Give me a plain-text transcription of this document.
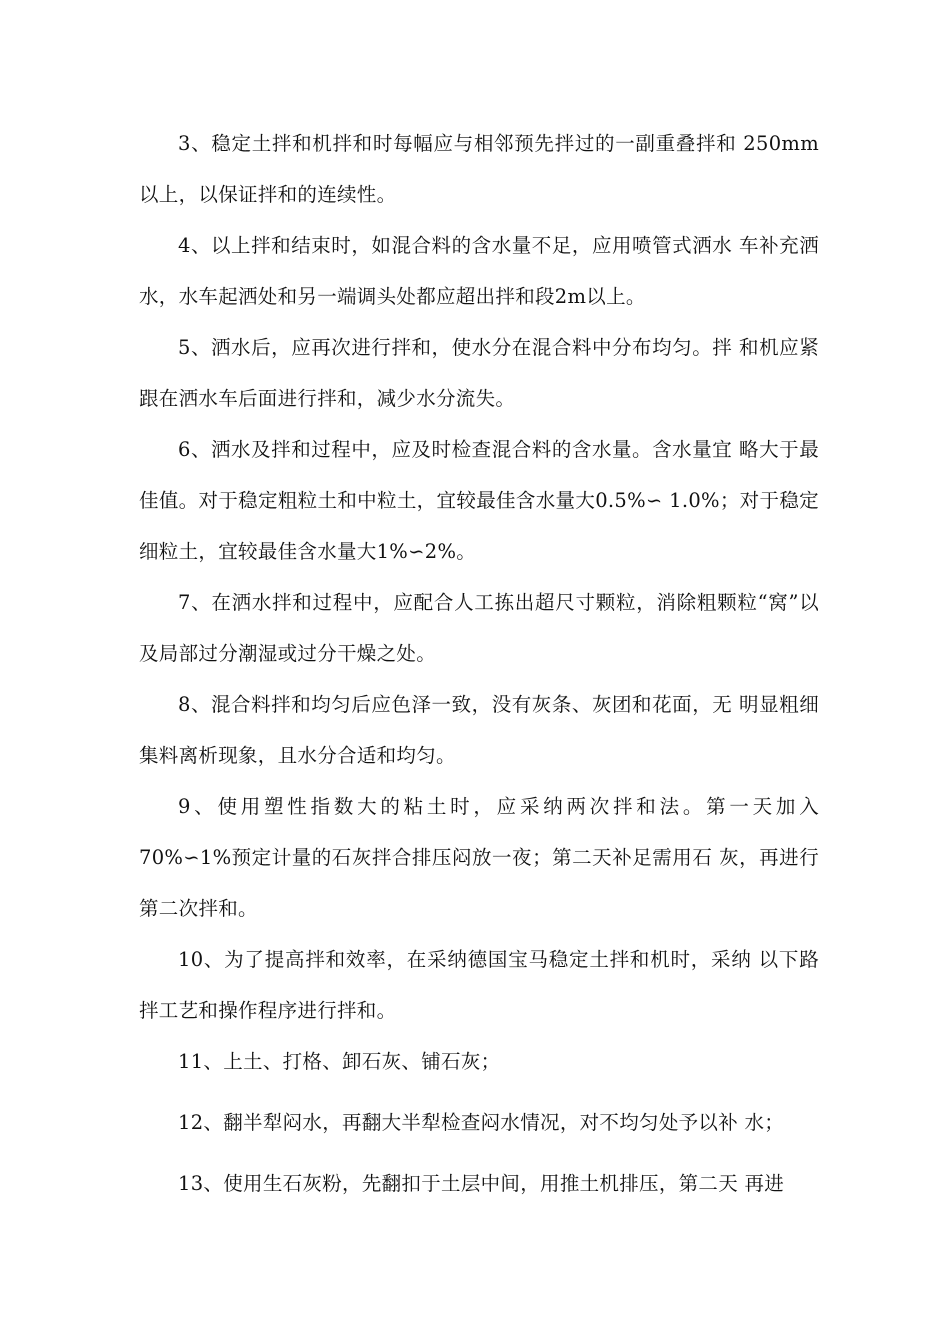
3、稳定土拌和机拌和时每幅应与相邻预先拌过的一副重叠拌和 250mm以上，以保证拌和的连续性。

4、以上拌和结束时，如混合料的含水量不足，应用喷管式洒水 车补充洒水，水车起洒处和另一端调头处都应超出拌和段2m以上。

5、洒水后，应再次进行拌和，使水分在混合料中分布均匀。拌 和机应紧跟在洒水车后面进行拌和，减少水分流失。

6、洒水及拌和过程中，应及时检查混合料的含水量。含水量宜 略大于最佳值。对于稳定粗粒土和中粒土，宜较最佳含水量大0.5%∽ 1.0%；对于稳定细粒土，宜较最佳含水量大1%∽2%。

7、在洒水拌和过程中，应配合人工拣出超尺寸颗粒，消除粗颗粒“窝”以及局部过分潮湿或过分干燥之处。

8、混合料拌和均匀后应色泽一致，没有灰条、灰团和花面，无 明显粗细集料离析现象，且水分合适和均匀。

9、使用塑性指数大的粘土时，应采纳两次拌和法。第一天加入 70%∽1%预定计量的石灰拌合排压闷放一夜；第二天补足需用石 灰，再进行第二次拌和。

10、为了提高拌和效率，在采纳德国宝马稳定土拌和机时，采纳 以下路拌工艺和操作程序进行拌和。

11、上土、打格、卸石灰、铺石灰；

12、翻半犁闷水，再翻大半犁检查闷水情况，对不均匀处予以补 水；

13、使用生石灰粉，先翻扣于土层中间，用推土机排压，第二天 再进
